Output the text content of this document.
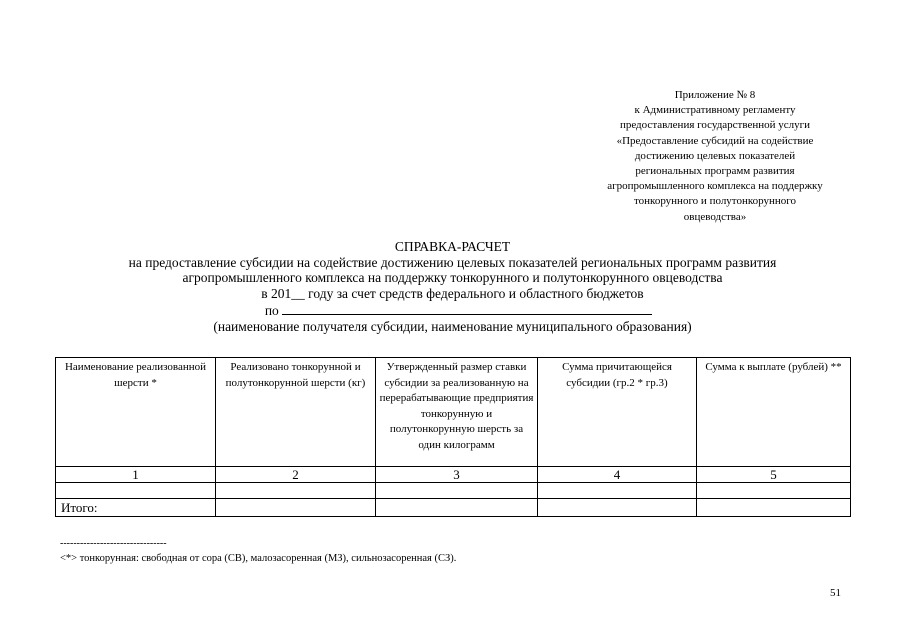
Приложение № 8
к Административному регламенту
предоставления государственной услуги
«Предоставление субсидий на содействие
достижению целевых показателей
региональных программ развития
агропромышленного комплекса на поддержку
тонкорунного и полутонкорунного
овцеводства»
СПРАВКА-РАСЧЕТ
на предоставление субсидии на содействие достижению целевых показателей региональных программ развития
агропромышленного комплекса на поддержку тонкорунного и полутонкорунного овцеводства
в 201__ году за счет средств федерального и областного бюджетов
по
(наименование получателя субсидии, наименование муниципального образования)
Наименование реализованной шерсти *	Реализовано тонкорунной и полутонкорунной шерсти (кг)	Утвержденный размер ставки субсидии за реализованную на перерабатывающие предприятия тонкорунную и полутонкорунную шерсть за один килограмм	Сумма причитающейся субсидии (гр.2 * гр.3)	Сумма к выплате (рублей) **
1	2	3	4	5

Итого:				
--------------------------------
<*> тонкорунная: свободная от сора (СВ), малозасоренная (МЗ), сильнозасоренная (СЗ).
51
